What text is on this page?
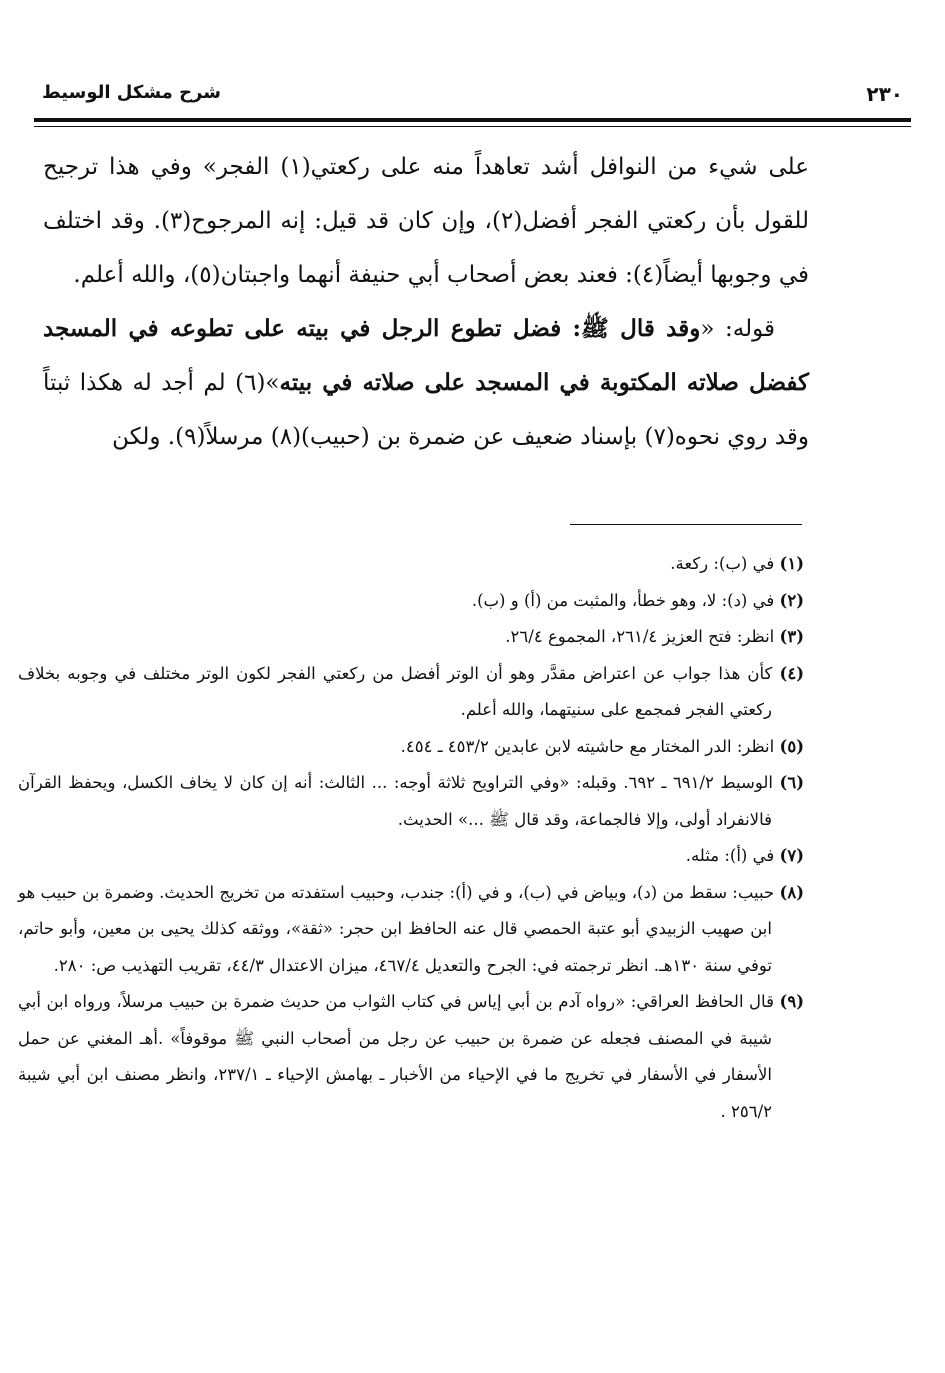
٢٣٠
شرح مشكل الوسيط

على شيء من النوافل أشد تعاهداً منه على ركعتي(١) الفجر» وفي هذا ترجيح للقول بأن ركعتي الفجر أفضل(٢)، وإن كان قد قيل: إنه المرجوح(٣). وقد اختلف في وجوبها أيضاً(٤): فعند بعض أصحاب أبي حنيفة أنهما واجبتان(٥)، والله أعلم.

قوله: «وقد قال ﷺ: فضل تطوع الرجل في بيته على تطوعه في المسجد كفضل صلاته المكتوبة في المسجد على صلاته في بيته»(٦) لم أجد له هكذا ثبتاً وقد روي نحوه(٧) بإسناد ضعيف عن ضمرة بن (حبيب)(٨) مرسلاً(٩). ولكن

(١) في (ب): ركعة.

(٢) في (د): لا، وهو خطأ، والمثبت من (أ) و (ب).

(٣) انظر: فتح العزيز ٢٦١/٤، المجموع ٢٦/٤.

(٤) كأن هذا جواب عن اعتراض مقدَّر وهو أن الوتر أفضل من ركعتي الفجر لكون الوتر مختلف في وجوبه بخلاف ركعتي الفجر فمجمع على سنيتهما، والله أعلم.

(٥) انظر: الدر المختار مع حاشيته لابن عابدين ٤٥٣/٢ ـ ٤٥٤.

(٦) الوسيط ٦٩١/٢ ـ ٦٩٢. وقبله: «وفي التراويح ثلاثة أوجه: ... الثالث: أنه إن كان لا يخاف الكسل، ويحفظ القرآن فالانفراد أولى، وإلا فالجماعة، وقد قال ﷺ ...» الحديث.

(٧) في (أ): مثله.

(٨) حبيب: سقط من (د)، وبياض في (ب)، و في (أ): جندب، وحبيب استفدته من تخريج الحديث. وضمرة بن حبيب هو ابن صهيب الزبيدي أبو عتبة الحمصي قال عنه الحافظ ابن حجر: «ثقة»، ووثقه كذلك يحيى بن معين، وأبو حاتم، توفي سنة ١٣٠هـ. انظر ترجمته في: الجرح والتعديل ٤٦٧/٤، ميزان الاعتدال ٤٤/٣، تقريب التهذيب ص: ٢٨٠.

(٩) قال الحافظ العراقي: «رواه آدم بن أبي إياس في كتاب الثواب من حديث ضمرة بن حبيب مرسلاً، ورواه ابن أبي شيبة في المصنف فجعله عن ضمرة بن حبيب عن رجل من أصحاب النبي ﷺ موقوفاً» .أهـ المغني عن حمل الأسفار في الأسفار في تخريج ما في الإحياء من الأخبار ـ بهامش الإحياء ـ ٢٣٧/١، وانظر مصنف ابن أبي شيبة ٢٥٦/٢ .
